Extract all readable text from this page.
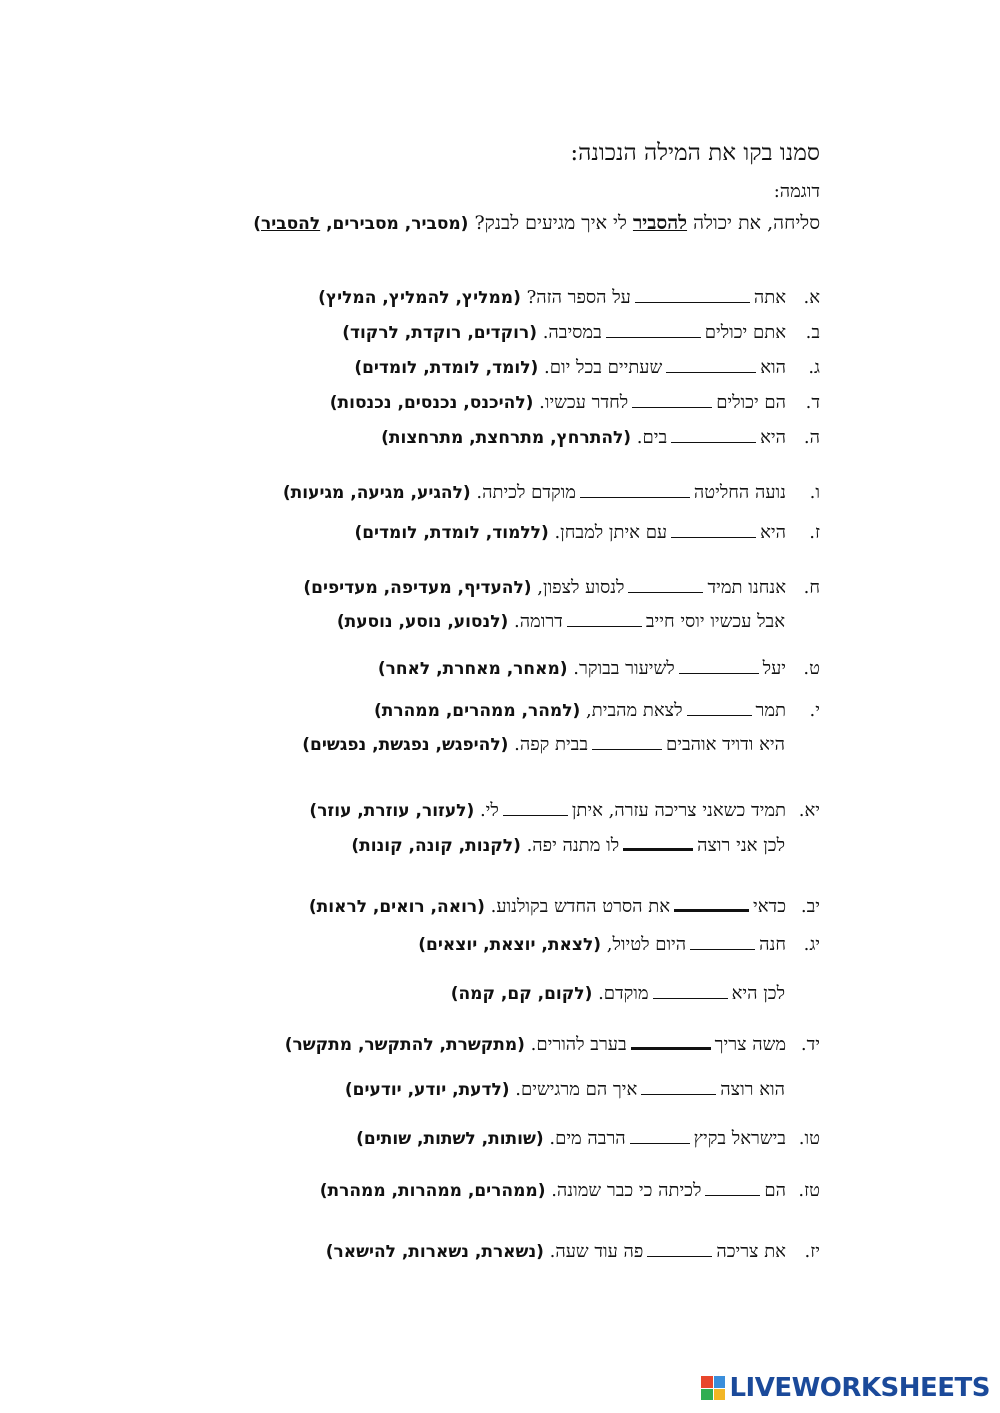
סמנו בקו את המילה הנכונה:
דוגמה:
סליחה, את יכולה להסביר לי איך מגיעים לבנק? (מסביר, מסבירים, להסביר)
א.אתהעל הספר הזה? (ממליץ, להמליץ, המליץ)
ב.אתם יכוליםבמסיבה. (רוקדים, רוקדת, לרקוד)
ג.הואשעתיים בכל יום. (לומד, לומדת, לומדים)
ד.הם יכוליםלחדר עכשיו. (להיכנס, נכנסים, נכנסות)
ה.היאבים. (להתרחץ, מתרחצת, מתרחצות)
ו.נועה החליטהמוקדם לכיתה. (להגיע, מגיעה, מגיעות)
ז.היאעם איתן למבחן. (ללמוד, לומדת, לומדים)
ח.אנחנו תמידלנסוע לצפון, (להעדיף, מעדיפה, מעדיפים)
אבל עכשיו יוסי חייבדרומה. (לנסוע, נוסע, נוסעת)
ט.יעללשיעור בבוקר. (מאחר, מאחרת, לאחר)
י.תמרלצאת מהבית, (למהר, ממהרים, ממהרת)
היא ודויד אוהביםבבית קפה. (להיפגש, נפגשת, נפגשים)
יא.תמיד כשאני צריכה עזרה, איתןלי. (לעזור, עוזרת, עוזר)
לכן אני רוצהלו מתנה יפה. (לקנות, קונה, קונות)
יב.כדאיאת הסרט החדש בקולנוע. (רואה, רואים, לראות)
יג.חנההיום לטיול, (לצאת, יוצאת, יוצאים)
לכן היאמוקדם. (לקום, קם, קמה)
יד.משה צריךבערב להורים. (מתקשרת, להתקשר, מתקשר)
הוא רוצהאיך הם מרגישים. (לדעת, יודע, יודעים)
טו.בישראל בקיץהרבה מים. (שותות, לשתות, שותים)
טז.הםלכיתה כי כבר שמונה. (ממהרים, ממהרות, ממהרת)
יז.את צריכהפה עוד שעה. (נשארת, נשארות, להישאר)
LIVEWORKSHEETS
